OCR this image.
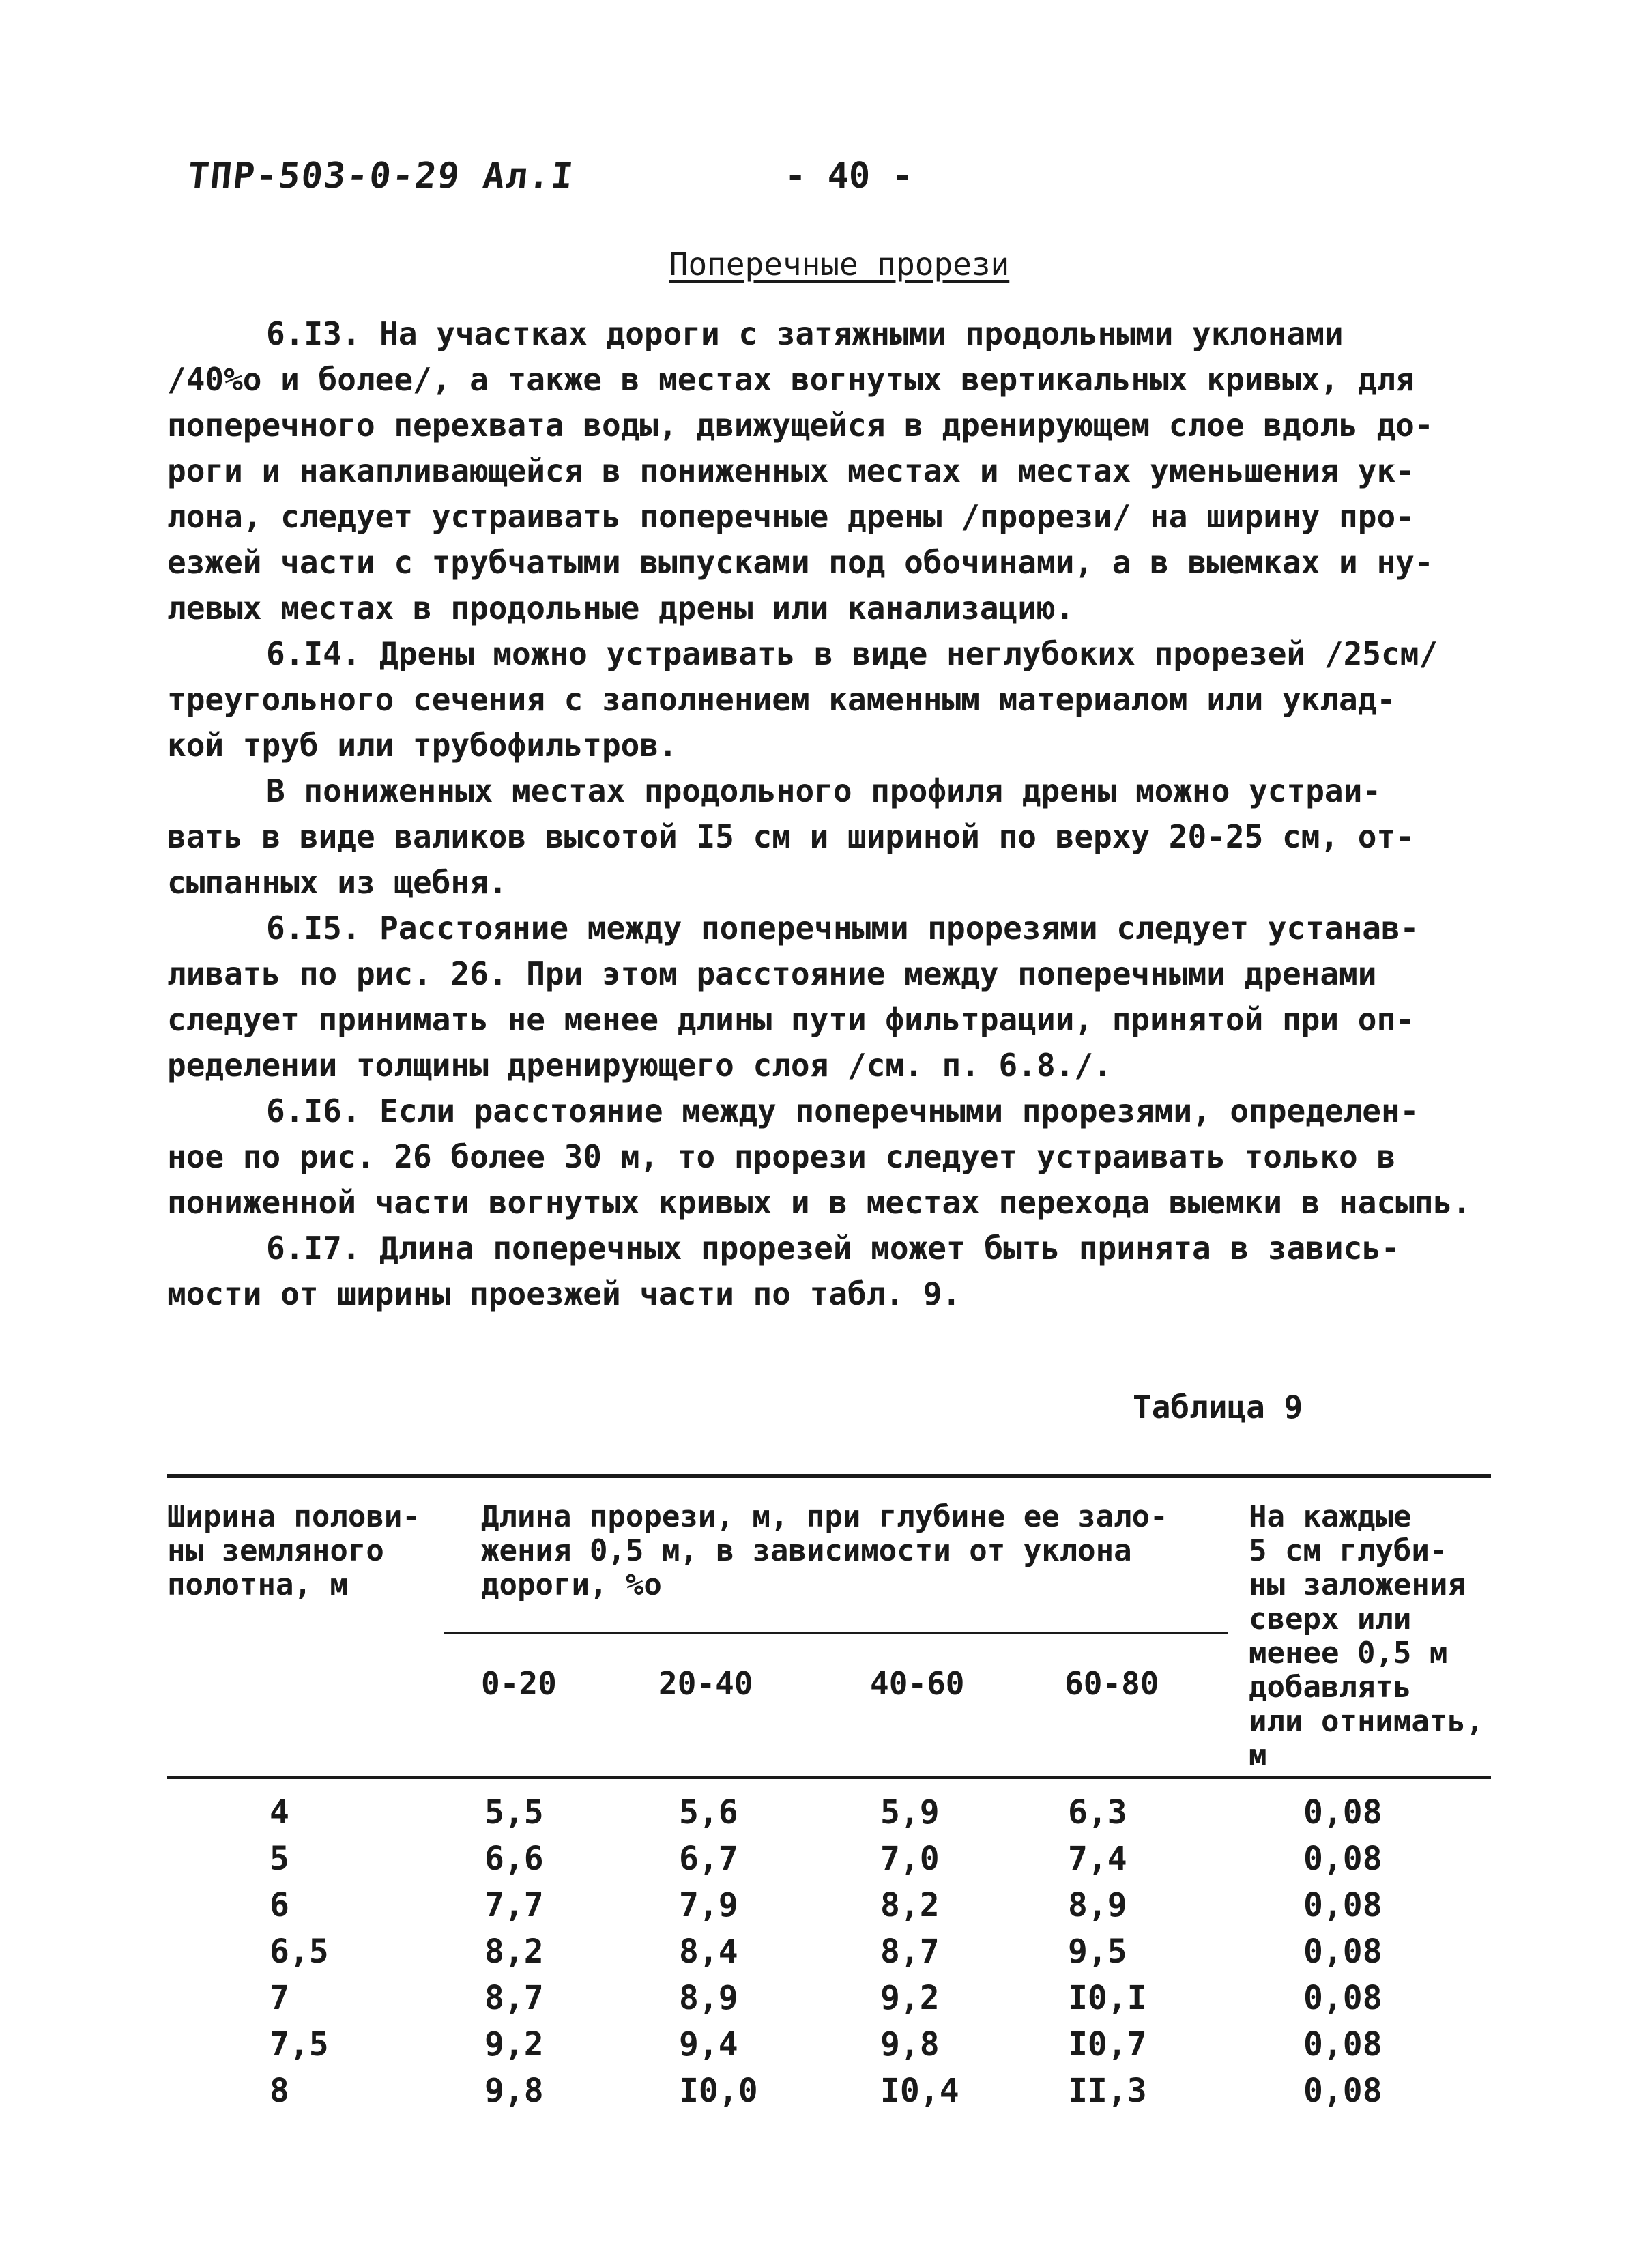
ТПР-503-0-29 Ал.I	- 40 -
Поперечные прорези

6.I3. На участках дороги с затяжными продольными уклонами
/40%о и более/, а также в местах вогнутых вертикальных кривых, для
поперечного перехвата воды, движущейся в дренирующем слое вдоль до-
роги и накапливающейся в пониженных местах и местах уменьшения ук-
лона, следует устраивать поперечные дрены /прорези/ на ширину про-
езжей части с трубчатыми выпусками под обочинами, а в выемках и ну-
левых местах в продольные дрены или канализацию.

6.I4. Дрены можно устраивать в виде неглубоких прорезей /25см/
треугольного сечения с заполнением каменным материалом или уклад-
кой труб или трубофильтров.

В пониженных местах продольного профиля дрены можно устраи-
вать в виде валиков высотой I5 см и шириной по верху 20-25 см, от-
сыпанных из щебня.

6.I5. Расстояние между поперечными прорезями следует устанав-
ливать по рис. 26. При этом расстояние между поперечными дренами
следует принимать не менее длины пути фильтрации, принятой при оп-
ределении толщины дренирующего слоя /см. п. 6.8./.

6.I6. Если расстояние между поперечными прорезями, определен-
ное по рис. 26 более 30 м, то прорези следует устраивать только в
пониженной части вогнутых кривых и в местах перехода выемки в насыпь.

6.I7. Длина поперечных прорезей может быть принята в завись-
мости от ширины проезжей части по табл. 9.

Таблица 9
Ширина полови-
ны земляного
полотна, м
Длина прорези, м, при глубине ее зало-
жения 0,5 м, в зависимости от уклона
дороги, %о
На каждые
5 см глуби-
ны заложения
сверх или
менее 0,5 м
добавлять
или отнимать,
м
0-20	20-40	40-60	60-80
4	5,5	5,6	5,9	6,3	0,08
5	6,6	6,7	7,0	7,4	0,08
6	7,7	7,9	8,2	8,9	0,08
6,5	8,2	8,4	8,7	9,5	0,08
7	8,7	8,9	9,2	I0,I	0,08
7,5	9,2	9,4	9,8	I0,7	0,08
8	9,8	I0,0	I0,4	II,3	0,08
